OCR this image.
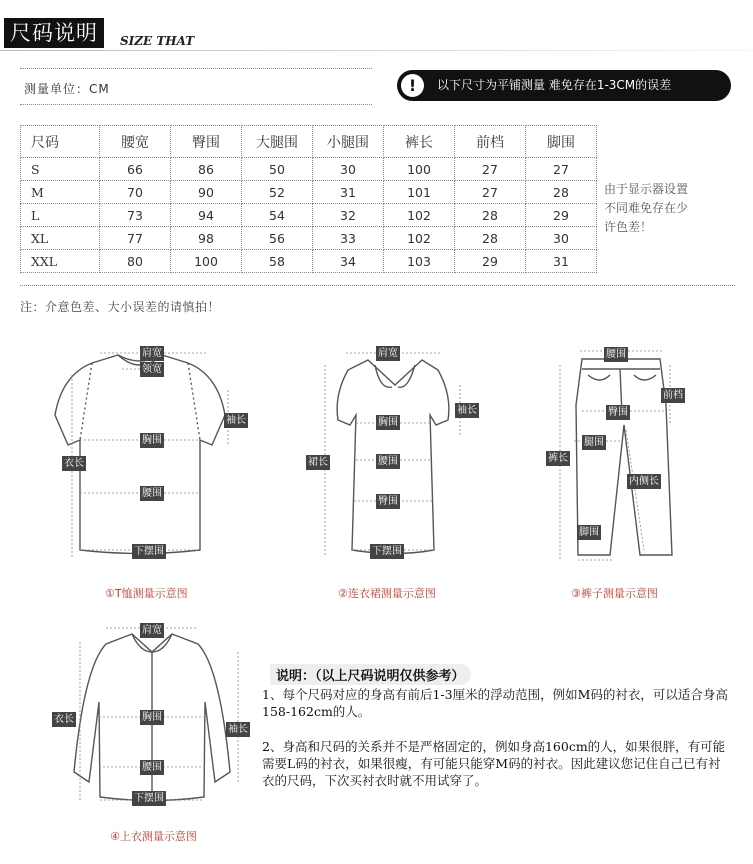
尺码说明	SIZE THAT
测量单位：CM	!	以下尺寸为平铺测量 难免存在1-3CM的误差
尺码	腰宽	臀围	大腿围	小腿围	裤长	前档	脚围
S	66	86	50	30	100	27	27
M	70	90	52	31	101	27	28
L	73	94	54	32	102	28	29
XL	77	98	56	33	102	28	30
XXL	80	100	58	34	103	29	31
由于显示器设置
不同难免存在少
许色差！
注：介意色差、大小误差的请慎拍！
肩宽
领宽
袖长
胸围
腰围
衣长
下摆围
①T恤测量示意图
肩宽
袖长
胸围
腰围
臀围
裙长
下摆围
②连衣裙测量示意图
腰围
前档
臀围
腿围
裤长
内侧长
脚围
③裤子测量示意图
肩宽
衣长	胸围
袖长
腰围
下摆围
④上衣测量示意图
说明：（以上尺码说明仅供参考）
1、每个尺码对应的身高有前后1-3厘米的浮动范围，例如M码的衬衣，可以适合身高158-162cm的人。
2、身高和尺码的关系并不是严格固定的，例如身高160cm的人，如果很胖，有可能需要L码的衬衣，如果很瘦，有可能只能穿M码的衬衣。因此建议您记住自己已有衬衣的尺码，下次买衬衣时就不用试穿了。
